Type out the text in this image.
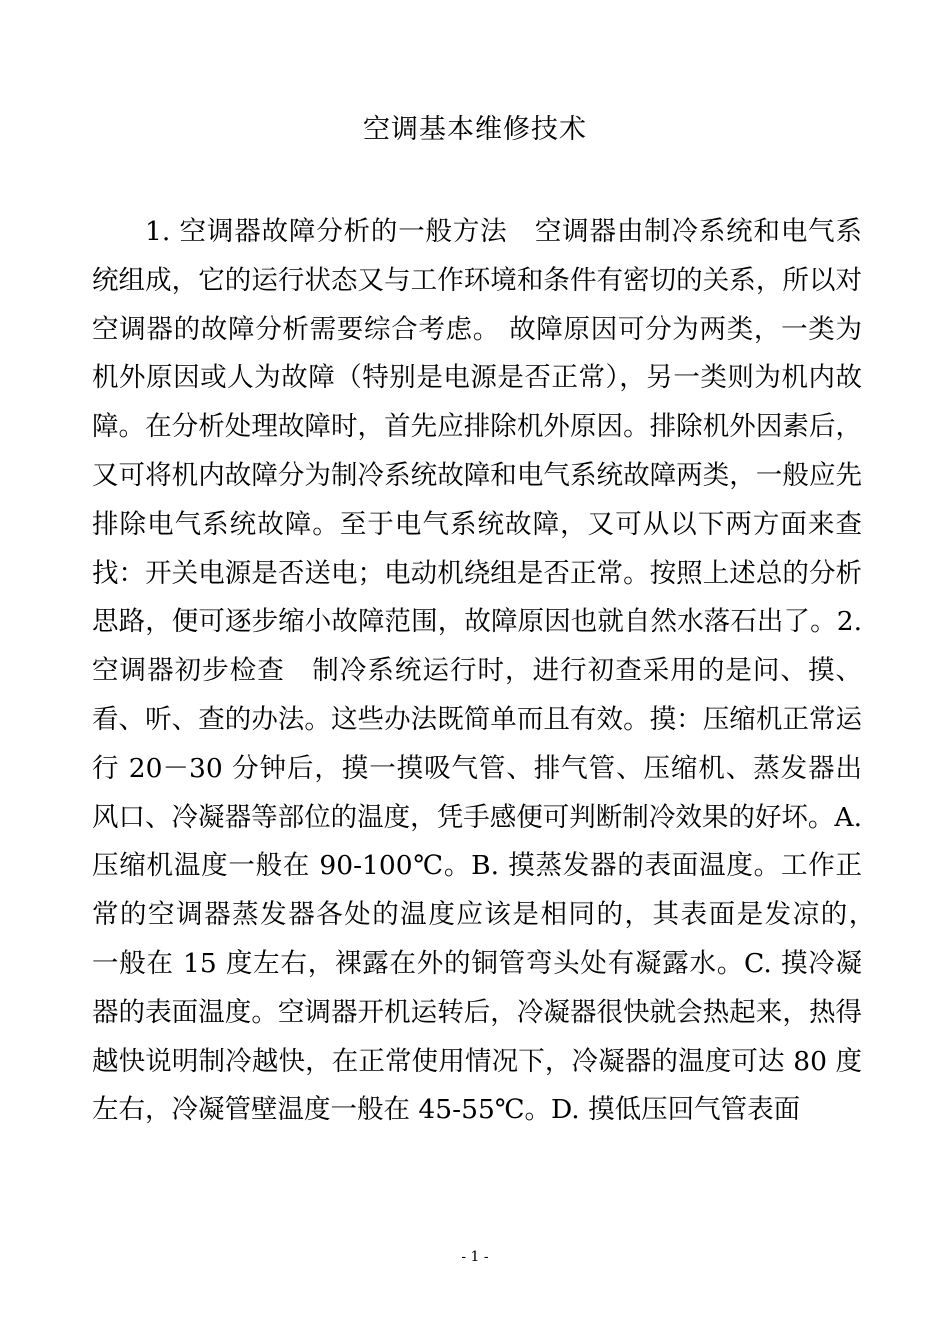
空调基本维修技术

1. 空调器故障分析的一般方法　空调器由制冷系统和电气系统组成，它的运行状态又与工作环境和条件有密切的关系，所以对空调器的故障分析需要综合考虑。 故障原因可分为两类，一类为机外原因或人为故障（特别是电源是否正常），另一类则为机内故障。在分析处理故障时，首先应排除机外原因。排除机外因素后，又可将机内故障分为制冷系统故障和电气系统故障两类，一般应先排除电气系统故障。至于电气系统故障，又可从以下两方面来查找：开关电源是否送电；电动机绕组是否正常。按照上述总的分析思路，便可逐步缩小故障范围，故障原因也就自然水落石出了。2. 空调器初步检查　制冷系统运行时，进行初查采用的是问、摸、看、听、查的办法。这些办法既简单而且有效。摸：压缩机正常运行 20－30 分钟后，摸一摸吸气管、排气管、压缩机、蒸发器出风口、冷凝器等部位的温度，凭手感便可判断制冷效果的好坏。A. 压缩机温度一般在 90-100℃。B. 摸蒸发器的表面温度。工作正常的空调器蒸发器各处的温度应该是相同的，其表面是发凉的，　一般在 15 度左右，裸露在外的铜管弯头处有凝露水。C. 摸冷凝器的表面温度。空调器开机运转后，冷凝器很快就会热起来，热得越快说明制冷越快，在正常使用情况下，冷凝器的温度可达 80 度左右，冷凝管壁温度一般在 45-55℃。D. 摸低压回气管表面

- 1 -
